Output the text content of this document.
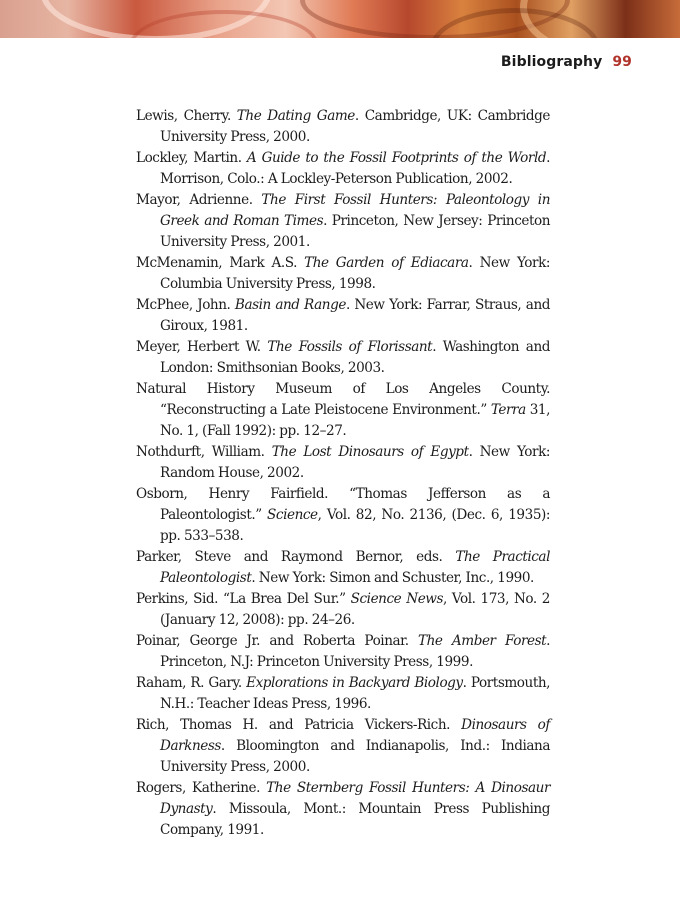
Bibliography 99

Lewis, Cherry. The Dating Game. Cambridge, UK: Cambridge University Press, 2000.

Lockley, Martin. A Guide to the Fossil Footprints of the World. Morrison, Colo.: A Lockley-Peterson Publication, 2002.

Mayor, Adrienne. The First Fossil Hunters: Paleontology in Greek and Roman Times. Princeton, New Jersey: Princeton University Press, 2001.

McMenamin, Mark A.S. The Garden of Ediacara. New York: Columbia University Press, 1998.

McPhee, John. Basin and Range. New York: Farrar, Straus, and Giroux, 1981.

Meyer, Herbert W. The Fossils of Florissant. Washington and London: Smithsonian Books, 2003.

Natural History Museum of Los Angeles County. “Reconstructing a Late Pleistocene Environment.” Terra 31, No. 1, (Fall 1992): pp. 12–27.

Nothdurft, William. The Lost Dinosaurs of Egypt. New York: Random House, 2002.

Osborn, Henry Fairfield. “Thomas Jefferson as a Paleontologist.” Science, Vol. 82, No. 2136, (Dec. 6, 1935): pp. 533–538.

Parker, Steve and Raymond Bernor, eds. The Practical Paleontologist. New York: Simon and Schuster, Inc., 1990.

Perkins, Sid. “La Brea Del Sur.” Science News, Vol. 173, No. 2 (January 12, 2008): pp. 24–26.

Poinar, George Jr. and Roberta Poinar. The Amber Forest. Princeton, N.J: Princeton University Press, 1999.

Raham, R. Gary. Explorations in Backyard Biology. Portsmouth, N.H.: Teacher Ideas Press, 1996.

Rich, Thomas H. and Patricia Vickers-Rich. Dinosaurs of Darkness. Bloomington and Indianapolis, Ind.: Indiana University Press, 2000.

Rogers, Katherine. The Sternberg Fossil Hunters: A Dinosaur Dynasty. Missoula, Mont.: Mountain Press Publishing Company, 1991.
